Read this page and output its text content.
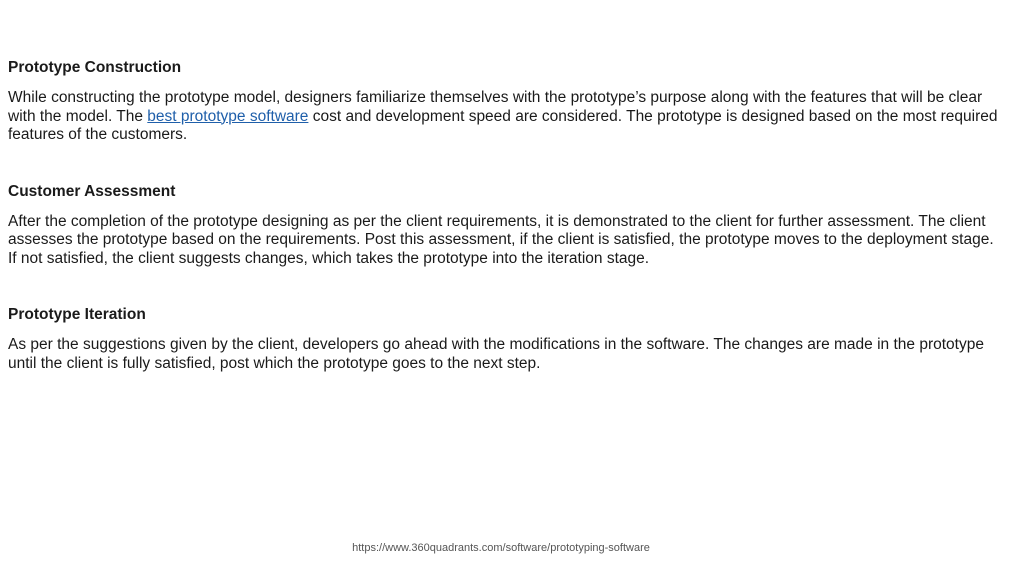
Prototype Construction

While constructing the prototype model, designers familiarize themselves with the prototype’s purpose along with the features that will be clear with the model. The best prototype software cost and development speed are considered. The prototype is designed based on the most required features of the customers.

Customer Assessment

After the completion of the prototype designing as per the client requirements, it is demonstrated to the client for further assessment. The client assesses the prototype based on the requirements. Post this assessment, if the client is satisfied, the prototype moves to the deployment stage. If not satisfied, the client suggests changes, which takes the prototype into the iteration stage.

Prototype Iteration

As per the suggestions given by the client, developers go ahead with the modifications in the software. The changes are made in the prototype until the client is fully satisfied, post which the prototype goes to the next step.

https://www.360quadrants.com/software/prototyping-software
